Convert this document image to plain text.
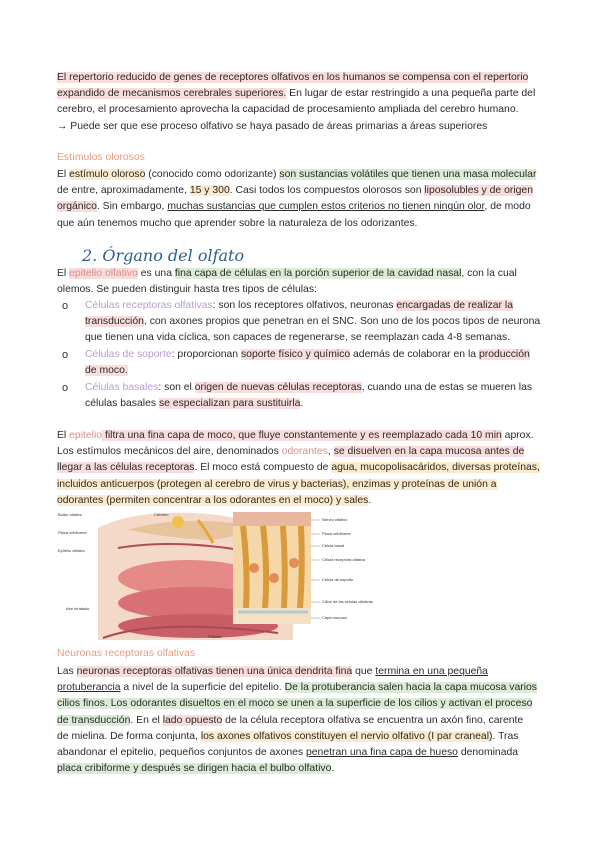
El repertorio reducido de genes de receptores olfativos en los humanos se compensa con el repertorio
expandido de mecanismos cerebrales superiores. En lugar de estar restringido a una pequeña parte del
cerebro, el procesamiento aprovecha la capacidad de procesamiento ampliada del cerebro humano.
→ Puede ser que ese proceso olfativo se haya pasado de áreas primarias a áreas superiores
Estímulos olorosos
El estímulo oloroso (conocido como odorizante) son sustancias volátiles que tienen una masa molecular
de entre, aproximadamente, 15 y 300. Casi todos los compuestos olorosos son liposolubles y de origen
orgánico. Sin embargo, muchas sustancias que cumplen estos criterios no tienen ningún olor, de modo
que aún tenemos mucho que aprender sobre la naturaleza de los odorizantes.
2. Órgano del olfato
El epitelio olfativo es una fina capa de células en la porción superior de la cavidad nasal, con la cual
olemos. Se pueden distinguir hasta tres tipos de células:
o Células receptoras olfativas: son los receptores olfativos, neuronas encargadas de realizar la
transducción, con axones propios que penetran en el SNC. Son uno de los pocos tipos de neurona
que tienen una vida cíclica, son capaces de regenerarse, se reemplazan cada 4-8 semanas.
o Células de soporte: proporcionan soporte físico y químico además de colaborar en la producción
de moco.
o Células basales: son el origen de nuevas células receptoras, cuando una de estas se mueren las
células basales se especializan para sustituirla.
El epitelio filtra una fina capa de moco, que fluye constantemente y es reemplazado cada 10 min aprox.
Los estímulos mecánicos del aire, denominados odorantes, se disuelven en la capa mucosa antes de
llegar a las células receptoras. El moco está compuesto de agua, mucopolisacáridos, diversas proteínas,
incluidos anticuerpos (protegen al cerebro de virus y bacterias), enzimas y proteínas de unión a
odorantes (permiten concentrar a los odorantes en el moco) y sales.
Bulbo olfativo
Placa cribiforme
Epitelio olfativo
Aire inhalado
Paladar
Cerebro
Nervio olfativo
Placa cribiforme
Célula basal
Célula receptora olfativa
Célula de soporte
Cilios de las células olfativas
Capa mucosa
Neuronas receptoras olfativas
Las neuronas receptoras olfativas tienen una única dendrita fina que termina en una pequeña
protuberancia a nivel de la superficie del epitelio. De la protuberancia salen hacia la capa mucosa varios
cilios finos. Los odorantes disueltos en el moco se unen a la superficie de los cilios y activan el proceso
de transducción. En el lado opuesto de la célula receptora olfativa se encuentra un axón fino, carente
de mielina. De forma conjunta, los axones olfativos constituyen el nervio olfativo (I par craneal). Tras
abandonar el epitelio, pequeños conjuntos de axones penetran una fina capa de hueso denominada
placa cribiforme y después se dirigen hacia el bulbo olfativo.
